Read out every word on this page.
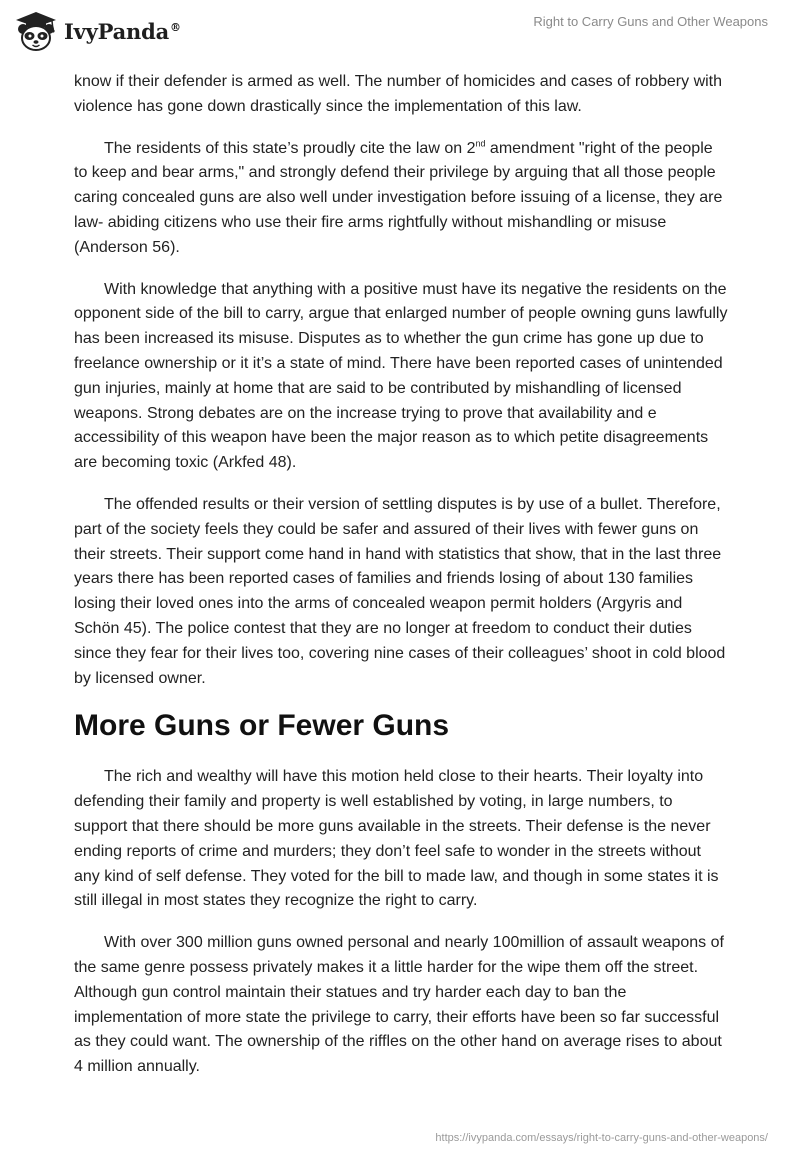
IvyPanda®	Right to Carry Guns and Other Weapons

know if their defender is armed as well. The number of homicides and cases of robbery with violence has gone down drastically since the implementation of this law.

The residents of this state’s proudly cite the law on 2nd amendment "right of the people to keep and bear arms," and strongly defend their privilege by arguing that all those people caring concealed guns are also well under investigation before issuing of a license, they are law- abiding citizens who use their fire arms rightfully without mishandling or misuse (Anderson 56).

With knowledge that anything with a positive must have its negative the residents on the opponent side of the bill to carry, argue that enlarged number of people owning guns lawfully has been increased its misuse. Disputes as to whether the gun crime has gone up due to freelance ownership or it it’s a state of mind. There have been reported cases of unintended gun injuries, mainly at home that are said to be contributed by mishandling of licensed weapons. Strong debates are on the increase trying to prove that availability and e accessibility of this weapon have been the major reason as to which petite disagreements are becoming toxic (Arkfed 48).

The offended results or their version of settling disputes is by use of a bullet. Therefore, part of the society feels they could be safer and assured of their lives with fewer guns on their streets. Their support come hand in hand with statistics that show, that in the last three years there has been reported cases of families and friends losing of about 130 families losing their loved ones into the arms of concealed weapon permit holders (Argyris and Schön 45). The police contest that they are no longer at freedom to conduct their duties since they fear for their lives too, covering nine cases of their colleagues’ shoot in cold blood by licensed owner.

More Guns or Fewer Guns

The rich and wealthy will have this motion held close to their hearts. Their loyalty into defending their family and property is well established by voting, in large numbers, to support that there should be more guns available in the streets. Their defense is the never ending reports of crime and murders; they don’t feel safe to wonder in the streets without any kind of self defense. They voted for the bill to made law, and though in some states it is still illegal in most states they recognize the right to carry.

With over 300 million guns owned personal and nearly 100million of assault weapons of the same genre possess privately makes it a little harder for the wipe them off the street. Although gun control maintain their statues and try harder each day to ban the implementation of more state the privilege to carry, their efforts have been so far successful as they could want. The ownership of the riffles on the other hand on average rises to about 4 million annually.

https://ivypanda.com/essays/right-to-carry-guns-and-other-weapons/
